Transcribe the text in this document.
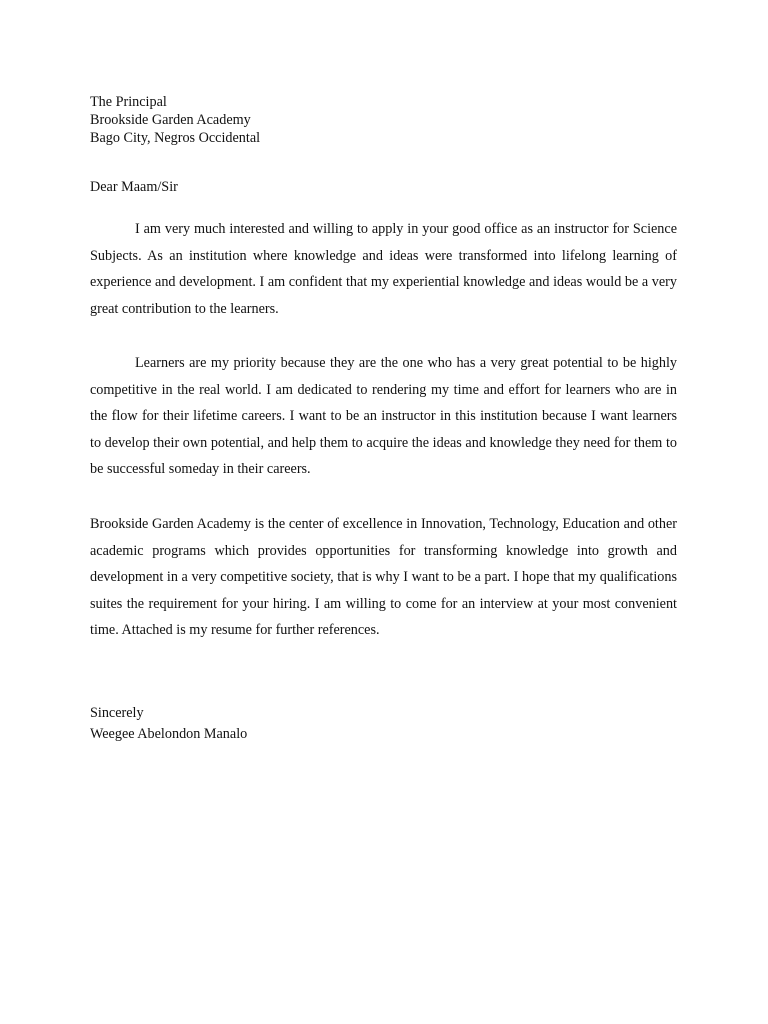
The Principal
Brookside Garden Academy
Bago City, Negros Occidental
Dear Maam/Sir

I am very much interested and willing to apply in your good office as an instructor for Science Subjects. As an institution where knowledge and ideas were transformed into lifelong learning of experience and development. I am confident that my experiential knowledge and ideas would be a very great contribution to the learners.

Learners are my priority because they are the one who has a very great potential to be highly competitive in the real world. I am dedicated to rendering my time and effort for learners who are in the flow for their lifetime careers. I want to be an instructor in this institution because I want learners to develop their own potential, and help them to acquire the ideas and knowledge they need for them to be successful someday in their careers.

Brookside Garden Academy is the center of excellence in Innovation, Technology, Education and other academic programs which provides opportunities for transforming knowledge into growth and development in a very competitive society, that is why I want to be a part. I hope that my qualifications suites the requirement for your hiring. I am willing to come for an interview at your most convenient time. Attached is my resume for further references.

Sincerely
Weegee Abelondon Manalo
